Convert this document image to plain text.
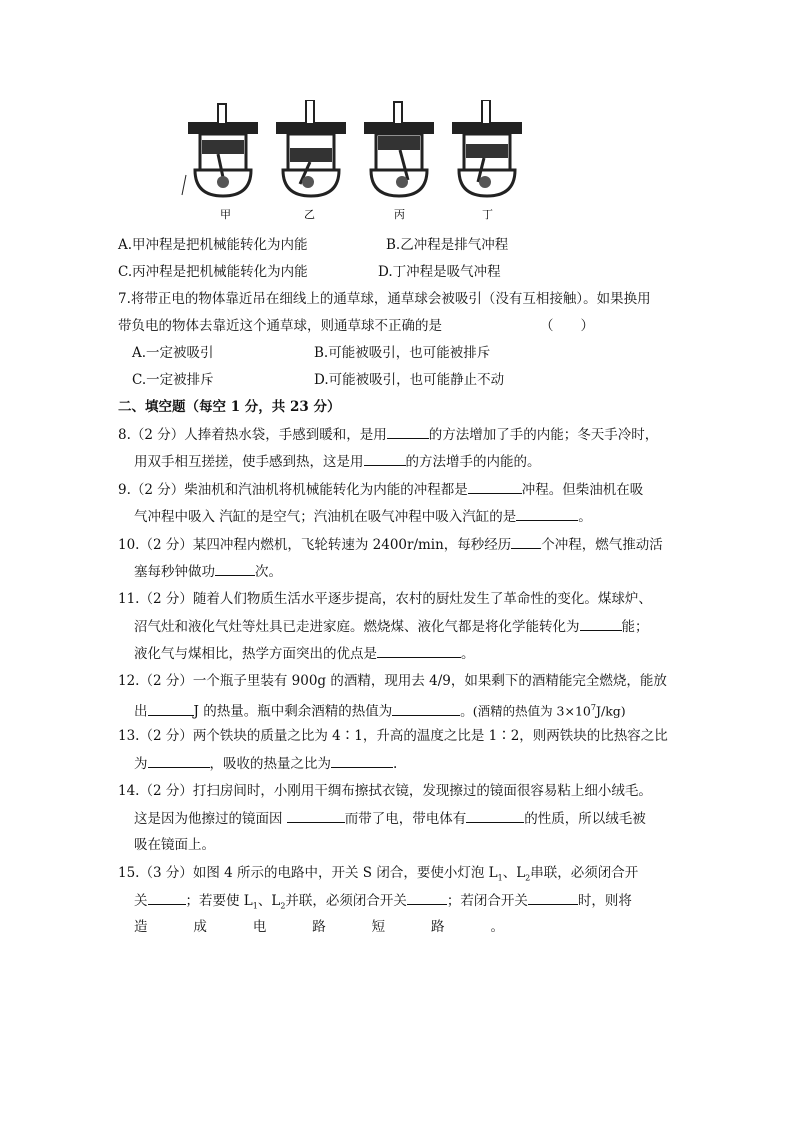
甲	乙	丙	丁
A.甲冲程是把机械能转化为内能	B.乙冲程是排气冲程
C.丙冲程是把机械能转化为内能	D.丁冲程是吸气冲程
7.将带正电的物体靠近吊在细线上的通草球，通草球会被吸引（没有互相接触）。如果换用
带负电的物体去靠近这个通草球，则通草球不正确的是	（　　）
A.一定被吸引	B.可能被吸引，也可能被排斥
C.一定被排斥	D.可能被吸引，也可能静止不动
二、填空题（每空 1 分，共 23 分）
8.（2 分）人捧着热水袋，手感到暖和，是用	的方法增加了手的内能；冬天手冷时，
用双手相互搓搓，使手感到热，这是用	的方法增手的内能的。
9.（2 分）柴油机和汽油机将机械能转化为内能的冲程都是	冲程。但柴油机在吸
气冲程中吸入 汽缸的是空气；汽油机在吸气冲程中吸入汽缸的是	。
10.（2 分）某四冲程内燃机，飞轮转速为 2400r/min，每秒经历 个冲程，燃气推动活
塞每秒钟做功	次。
11.（2 分）随着人们物质生活水平逐步提高，农村的厨灶发生了革命性的变化。煤球炉、
沼气灶和液化气灶等灶具已走进家庭。燃烧煤、液化气都是将化学能转化为	能；
液化气与煤相比，热学方面突出的优点是	。
12.（2 分）一个瓶子里装有 900g 的酒精，现用去 4/9，如果剩下的酒精能完全燃烧，能放
出	J 的热量。瓶中剩余酒精的热值为	。(酒精的热值为 $3\times 10^7J/kg$)
13.（2 分）两个铁块的质量之比为 4∶1，升高的温度之比是 1∶2，则两铁块的比热容之比
为	，吸收的热量之比为	.
14.（2 分）打扫房间时，小刚用干绸布擦拭衣镜，发现擦过的镜面很容易粘上细小绒毛。
这是因为他擦过的镜面因	而带了电，带电体有	的性质，所以绒毛被
吸在镜面上。
15.（3 分）如图 4 所示的电路中，开关 S 闭合，要使小灯泡 $L_1$、$L_2$串联，必须闭合开
关	；若要使 $L_1$、$L_2$并联，必须闭合开关	；若闭合开关	时，则将
造	成	电	路	短	路	。
